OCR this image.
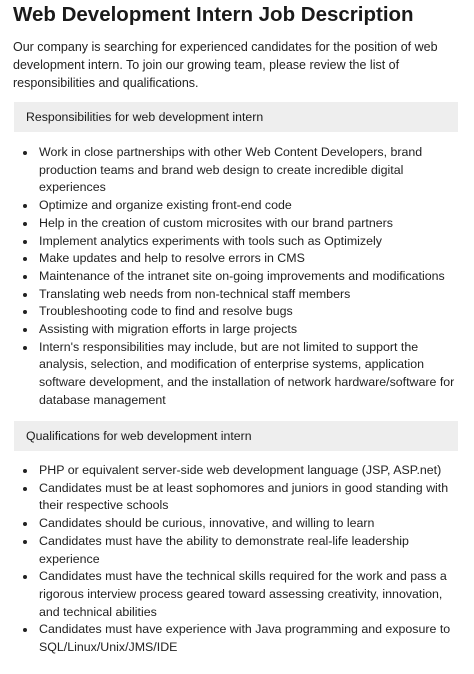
Web Development Intern Job Description

Our company is searching for experienced candidates for the position of web development intern. To join our growing team, please review the list of responsibilities and qualifications.

Responsibilities for web development intern
Work in close partnerships with other Web Content Developers, brand production teams and brand web design to create incredible digital experiences
Optimize and organize existing front-end code
Help in the creation of custom microsites with our brand partners
Implement analytics experiments with tools such as Optimizely
Make updates and help to resolve errors in CMS
Maintenance of the intranet site on-going improvements and modifications
Translating web needs from non-technical staff members
Troubleshooting code to find and resolve bugs
Assisting with migration efforts in large projects
Intern's responsibilities may include, but are not limited to support the analysis, selection, and modification of enterprise systems, application software development, and the installation of network hardware/software for database management
Qualifications for web development intern
PHP or equivalent server-side web development language (JSP, ASP.net)
Candidates must be at least sophomores and juniors in good standing with their respective schools
Candidates should be curious, innovative, and willing to learn
Candidates must have the ability to demonstrate real-life leadership experience
Candidates must have the technical skills required for the work and pass a rigorous interview process geared toward assessing creativity, innovation, and technical abilities
Candidates must have experience with Java programming and exposure to SQL/Linux/Unix/JMS/IDE
